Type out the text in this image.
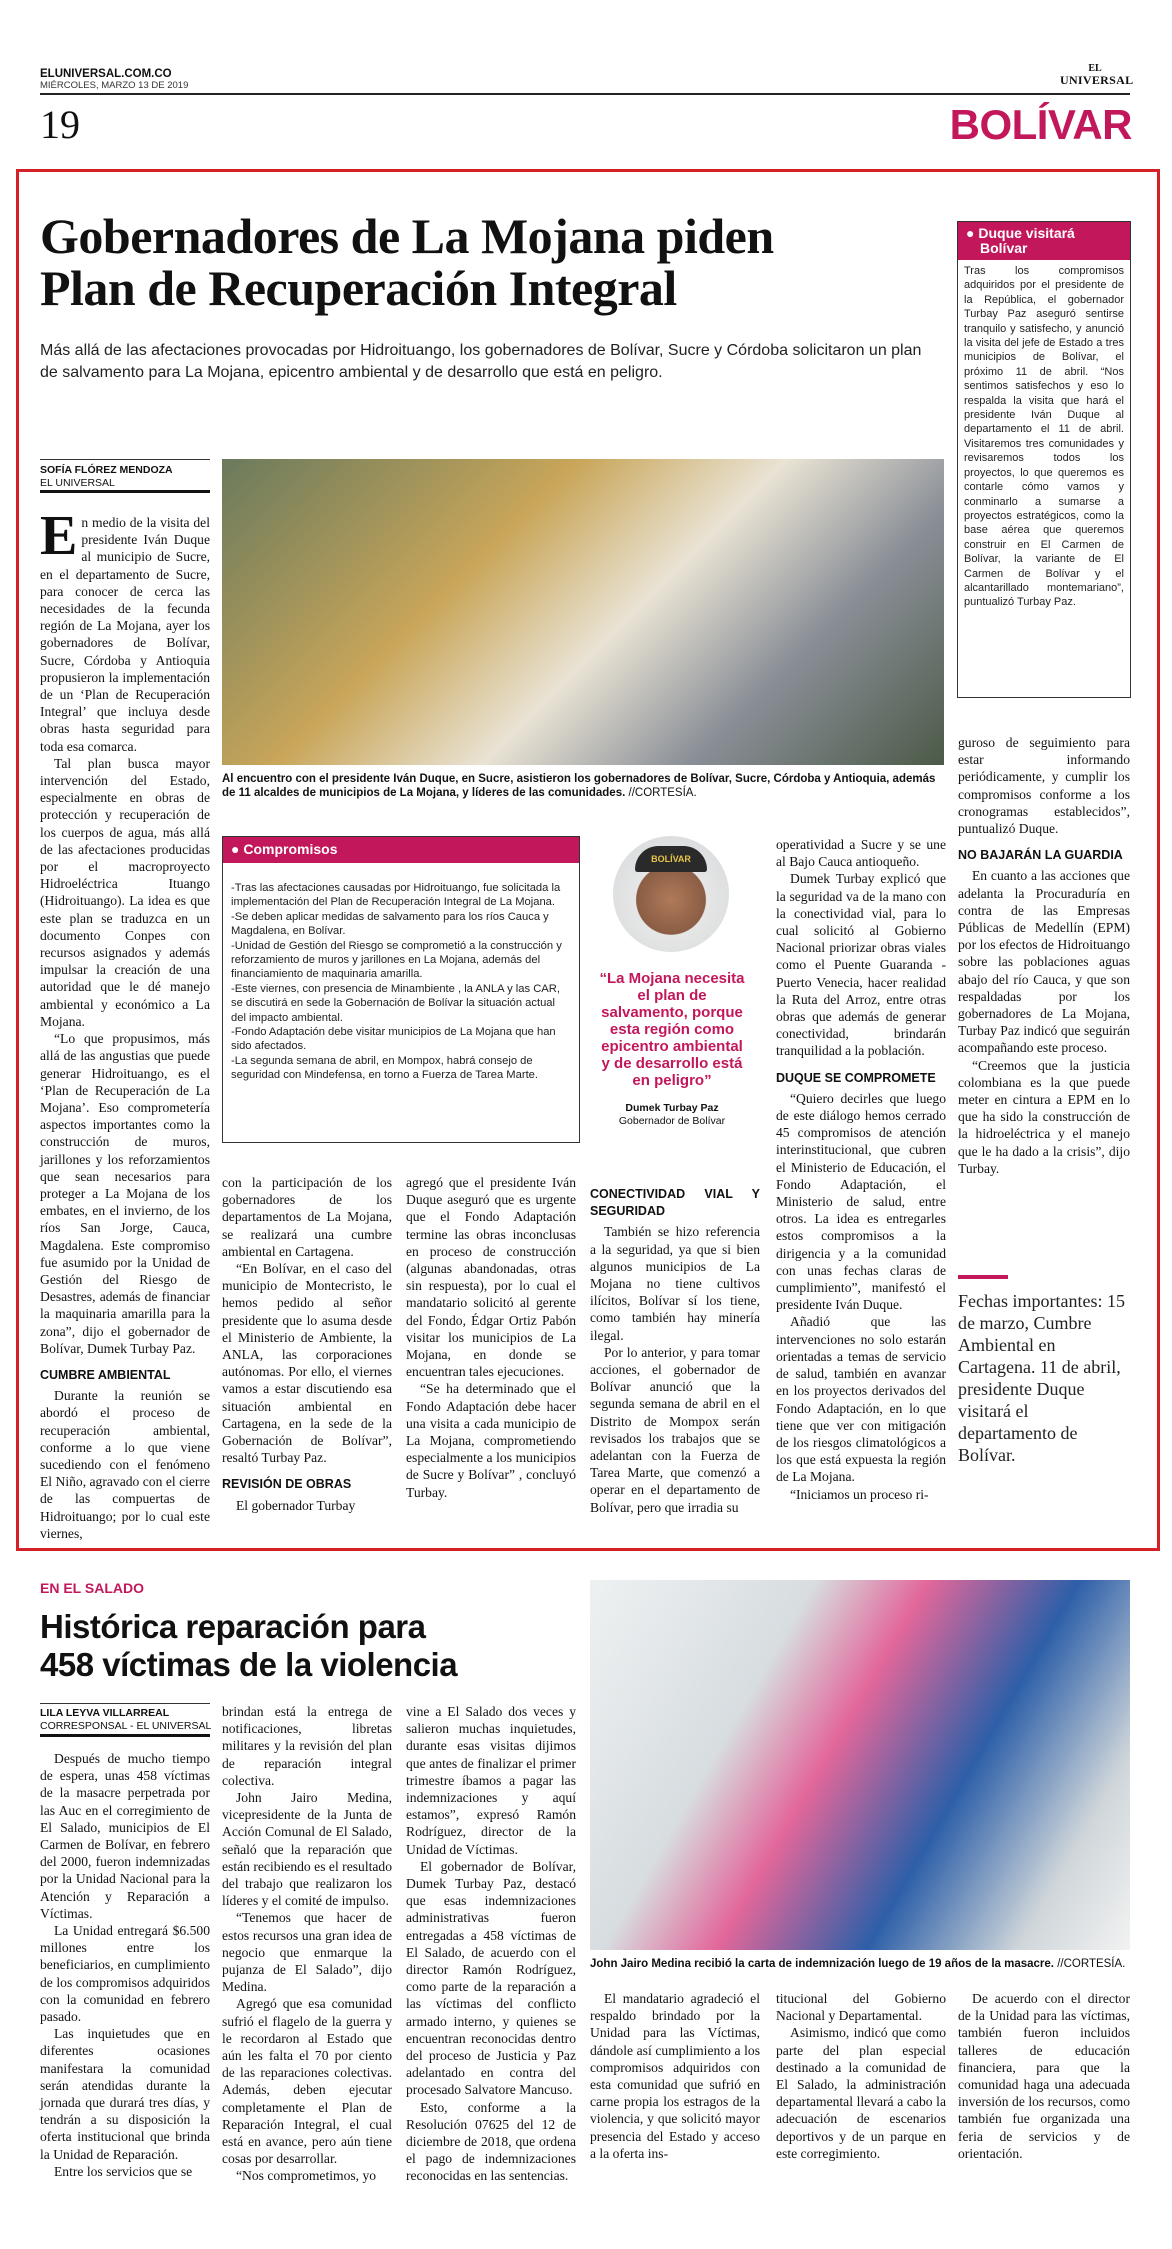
ELUNIVERSAL.COM.CO
MIÉRCOLES, MARZO 13 DE 2019
EL
UNIVERSAL
19	BOLÍVAR
Gobernadores de La Mojana piden
Plan de Recuperación Integral
Más allá de las afectaciones provocadas por Hidroituango, los gobernadores de Bolívar, Sucre y Córdoba solicitaron un plan de salvamento para La Mojana, epicentro ambiental y de desarrollo que está en peligro.
● Duque visitará
Bolívar
Tras los compromisos adquiridos por el presidente de la República, el gobernador Turbay Paz aseguró sentirse tranquilo y satisfecho, y anunció la visita del jefe de Estado a tres municipios de Bolívar, el próximo 11 de abril. “Nos sentimos satisfechos y eso lo respalda la visita que hará el presidente Iván Duque al departamento el 11 de abril. Visitaremos tres comunidades y revisaremos todos los proyectos, lo que queremos es contarle cómo vamos y conminarlo a sumarse a proyectos estratégicos, como la base aérea que queremos construir en El Carmen de Bolívar, la variante de El Carmen de Bolívar y el alcantarillado montemariano”, puntualizó Turbay Paz.
SOFÍA FLÓREZ MENDOZA
EL UNIVERSAL
Al encuentro con el presidente Iván Duque, en Sucre, asistieron los gobernadores de Bolívar, Sucre, Córdoba y Antioquia, además de 11 alcaldes de municipios de La Mojana, y líderes de las comunidades. //CORTESÍA.

En medio de la visita del presidente Iván Duque al municipio de Sucre, en el departamento de Sucre, para conocer de cerca las necesidades de la fecunda región de La Mojana, ayer los gobernadores de Bolívar, Sucre, Córdoba y Antioquia propusieron la implementación de un ‘Plan de Recuperación Integral’ que incluya desde obras hasta seguridad para toda esa comarca.

Tal plan busca mayor intervención del Estado, especialmente en obras de protección y recuperación de los cuerpos de agua, más allá de las afectaciones producidas por el macroproyecto Hidroeléctrica Ituango (Hidroituango). La idea es que este plan se traduzca en un documento Conpes con recursos asignados y además impulsar la creación de una autoridad que le dé manejo ambiental y económico a La Mojana.

“Lo que propusimos, más allá de las angustias que puede generar Hidroituango, es el ‘Plan de Recuperación de La Mojana’. Eso comprometería aspectos importantes como la construcción de muros, jarillones y los reforzamientos que sean necesarios para proteger a La Mojana de los embates, en el invierno, de los ríos San Jorge, Cauca, Magdalena. Este compromiso fue asumido por la Unidad de Gestión del Riesgo de Desastres, además de financiar la maquinaria amarilla para la zona”, dijo el gobernador de Bolívar, Dumek Turbay Paz.

CUMBRE AMBIENTAL

Durante la reunión se abordó el proceso de recuperación ambiental, conforme a lo que viene sucediendo con el fenómeno El Niño, agravado con el cierre de las compuertas de Hidroituango; por lo cual este viernes,

● Compromisos

-Tras las afectaciones causadas por Hidroituango, fue solicitada la implementación del Plan de Recuperación Integral de La Mojana.

-Se deben aplicar medidas de salvamento para los ríos Cauca y Magdalena, en Bolívar.

-Unidad de Gestión del Riesgo se comprometió a la construcción y reforzamiento de muros y jarillones en La Mojana, además del financiamiento de maquinaria amarilla.

-Este viernes, con presencia de Minambiente , la ANLA y las CAR, se discutirá en sede la Gobernación de Bolívar la situación actual del impacto ambiental.

-Fondo Adaptación debe visitar municipios de La Mojana que han sido afectados.

-La segunda semana de abril, en Mompox, habrá consejo de seguridad con Mindefensa, en torno a Fuerza de Tarea Marte.

BOLÍVAR
“La Mojana necesita el plan de salvamento, porque esta región como epicentro ambiental y de desarrollo está en peligro”
Dumek Turbay Paz
Gobernador de Bolívar

operatividad a Sucre y se une al Bajo Cauca antioqueño.

Dumek Turbay explicó que la seguridad va de la mano con la conectividad vial, para lo cual solicitó al Gobierno Nacional priorizar obras viales como el Puente Guaranda - Puerto Venecia, hacer realidad la Ruta del Arroz, entre otras obras que además de generar conectividad, brindarán tranquilidad a la población.

DUQUE SE COMPROMETE

“Quiero decirles que luego de este diálogo hemos cerrado 45 compromisos de atención interinstitucional, que cubren el Ministerio de Educación, el Fondo Adaptación, el Ministerio de salud, entre otros. La idea es entregarles estos compromisos a la dirigencia y a la comunidad con unas fechas claras de cumplimiento”, manifestó el presidente Iván Duque.

Añadió que las intervenciones no solo estarán orientadas a temas de servicio de salud, también en avanzar en los proyectos derivados del Fondo Adaptación, en lo que tiene que ver con mitigación de los riesgos climatológicos a los que está expuesta la región de La Mojana.

“Iniciamos un proceso ri-

guroso de seguimiento para estar informando periódicamente, y cumplir los compromisos conforme a los cronogramas establecidos”, puntualizó Duque.

NO BAJARÁN LA GUARDIA

En cuanto a las acciones que adelanta la Procuraduría en contra de las Empresas Públicas de Medellín (EPM) por los efectos de Hidroituango sobre las poblaciones aguas abajo del río Cauca, y que son respaldadas por los gobernadores de La Mojana, Turbay Paz indicó que seguirán acompañando este proceso.

“Creemos que la justicia colombiana es la que puede meter en cintura a EPM en lo que ha sido la construcción de la hidroeléctrica y el manejo que le ha dado a la crisis”, dijo Turbay.

Fechas importantes: 15 de marzo, Cumbre Ambiental en Cartagena. 11 de abril, presidente Duque visitará el departamento de Bolívar.

con la participación de los gobernadores de los departamentos de La Mojana, se realizará una cumbre ambiental en Cartagena.

“En Bolívar, en el caso del municipio de Montecristo, le hemos pedido al señor presidente que lo asuma desde el Ministerio de Ambiente, la ANLA, las corporaciones autónomas. Por ello, el viernes vamos a estar discutiendo esa situación ambiental en Cartagena, en la sede de la Gobernación de Bolívar”, resaltó Turbay Paz.

REVISIÓN DE OBRAS

El gobernador Turbay

agregó que el presidente Iván Duque aseguró que es urgente que el Fondo Adaptación termine las obras inconclusas en proceso de construcción (algunas abandonadas, otras sin respuesta), por lo cual el mandatario solicitó al gerente del Fondo, Édgar Ortiz Pabón visitar los municipios de La Mojana, en donde se encuentran tales ejecuciones.

“Se ha determinado que el Fondo Adaptación debe hacer una visita a cada municipio de La Mojana, comprometiendo especialmente a los municipios de Sucre y Bolívar” , concluyó Turbay.

CONECTIVIDAD VIAL Y SEGURIDAD

También se hizo referencia a la seguridad, ya que si bien algunos municipios de La Mojana no tiene cultivos ilícitos, Bolívar sí los tiene, como también hay minería ilegal.

Por lo anterior, y para tomar acciones, el gobernador de Bolívar anunció que la segunda semana de abril en el Distrito de Mompox serán revisados los trabajos que se adelantan con la Fuerza de Tarea Marte, que comenzó a operar en el departamento de Bolívar, pero que irradia su

EN EL SALADO
Histórica reparación para
458 víctimas de la violencia
LILA LEYVA VILLARREAL
CORRESPONSAL - EL UNIVERSAL
John Jairo Medina recibió la carta de indemnización luego de 19 años de la masacre. //CORTESÍA.

Después de mucho tiempo de espera, unas 458 víctimas de la masacre perpetrada por las Auc en el corregimiento de El Salado, municipios de El Carmen de Bolívar, en febrero del 2000, fueron indemnizadas por la Unidad Nacional para la Atención y Reparación a Víctimas.

La Unidad entregará $6.500 millones entre los beneficiarios, en cumplimiento de los compromisos adquiridos con la comunidad en febrero pasado.

Las inquietudes que en diferentes ocasiones manifestara la comunidad serán atendidas durante la jornada que durará tres días, y tendrán a su disposición la oferta institucional que brinda la Unidad de Reparación.

Entre los servicios que se

brindan está la entrega de notificaciones, libretas militares y la revisión del plan de reparación integral colectiva.

John Jairo Medina, vicepresidente de la Junta de Acción Comunal de El Salado, señaló que la reparación que están recibiendo es el resultado del trabajo que realizaron los líderes y el comité de impulso.

“Tenemos que hacer de estos recursos una gran idea de negocio que enmarque la pujanza de El Salado”, dijo Medina.

Agregó que esa comunidad sufrió el flagelo de la guerra y le recordaron al Estado que aún les falta el 70 por ciento de las reparaciones colectivas. Además, deben ejecutar completamente el Plan de Reparación Integral, el cual está en avance, pero aún tiene cosas por desarrollar.

“Nos comprometimos, yo

vine a El Salado dos veces y salieron muchas inquietudes, durante esas visitas dijimos que antes de finalizar el primer trimestre íbamos a pagar las indemnizaciones y aquí estamos”, expresó Ramón Rodríguez, director de la Unidad de Víctimas.

El gobernador de Bolívar, Dumek Turbay Paz, destacó que esas indemnizaciones administrativas fueron entregadas a 458 víctimas de El Salado, de acuerdo con el director Ramón Rodríguez, como parte de la reparación a las víctimas del conflicto armado interno, y quienes se encuentran reconocidas dentro del proceso de Justicia y Paz adelantado en contra del procesado Salvatore Mancuso.

Esto, conforme a la Resolución 07625 del 12 de diciembre de 2018, que ordena el pago de indemnizaciones reconocidas en las sentencias.

El mandatario agradeció el respaldo brindado por la Unidad para las Víctimas, dándole así cumplimiento a los compromisos adquiridos con esta comunidad que sufrió en carne propia los estragos de la violencia, y que solicitó mayor presencia del Estado y acceso a la oferta ins-

titucional del Gobierno Nacional y Departamental.

Asimismo, indicó que como parte del plan especial destinado a la comunidad de El Salado, la administración departamental llevará a cabo la adecuación de escenarios deportivos y de un parque en este corregimiento.

De acuerdo con el director de la Unidad para las víctimas, también fueron incluidos talleres de educación financiera, para que la comunidad haga una adecuada inversión de los recursos, como también fue organizada una feria de servicios y de orientación.
